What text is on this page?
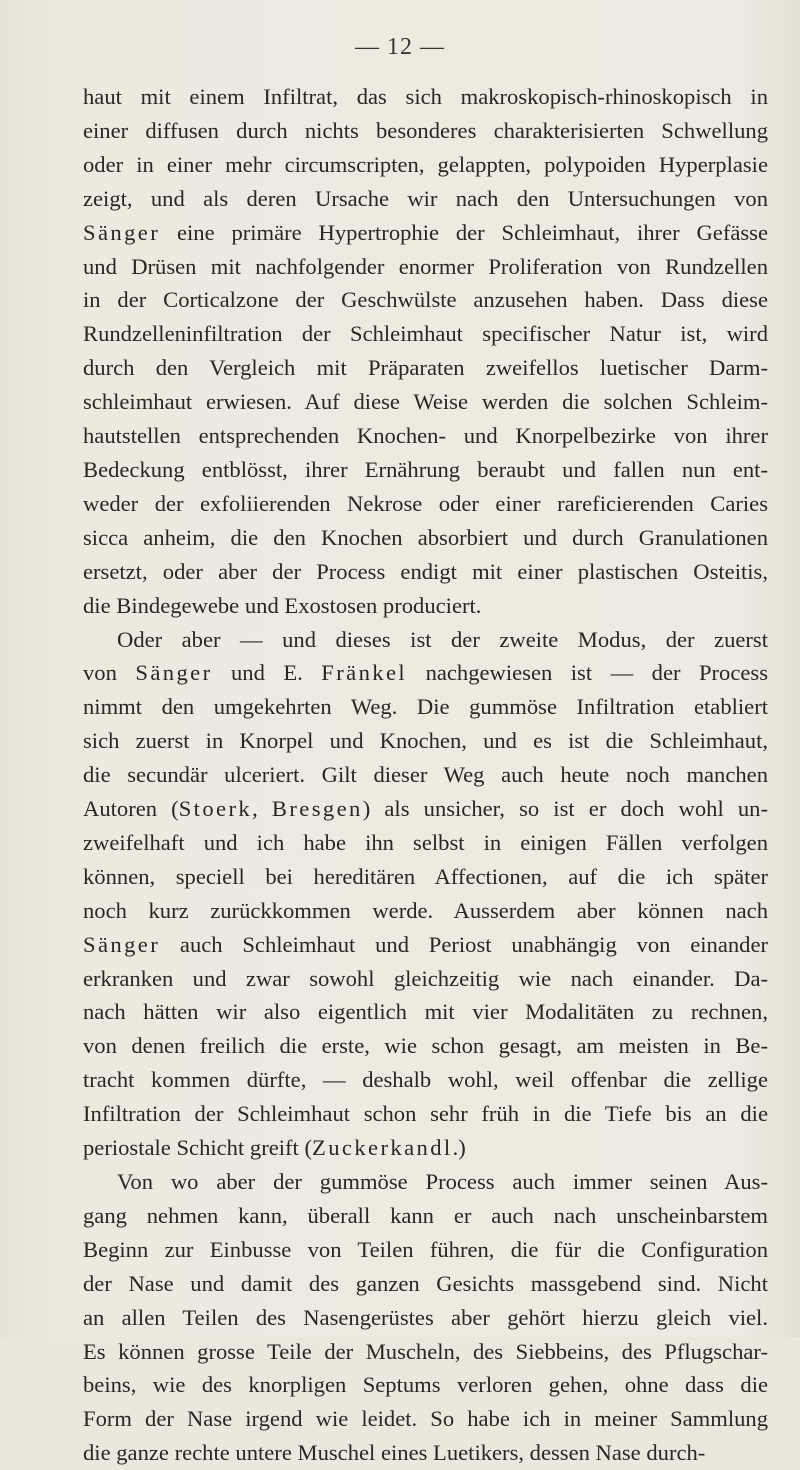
— 12 —

haut mit einem Infiltrat, das sich makroskopisch-rhinoskopisch in
einer diffusen durch nichts besonderes charakterisierten Schwellung
oder in einer mehr circumscripten, gelappten, polypoiden Hyperplasie
zeigt, und als deren Ursache wir nach den Untersuchungen von
Sänger eine primäre Hypertrophie der Schleimhaut, ihrer Gefässe
und Drüsen mit nachfolgender enormer Proliferation von Rundzellen
in der Corticalzone der Geschwülste anzusehen haben. Dass diese
Rundzelleninfiltration der Schleimhaut specifischer Natur ist, wird
durch den Vergleich mit Präparaten zweifellos luetischer Darm-
schleimhaut erwiesen. Auf diese Weise werden die solchen Schleim-
hautstellen entsprechenden Knochen- und Knorpelbezirke von ihrer
Bedeckung entblösst, ihrer Ernährung beraubt und fallen nun ent-
weder der exfoliierenden Nekrose oder einer rareficierenden Caries
sicca anheim, die den Knochen absorbiert und durch Granulationen
ersetzt, oder aber der Process endigt mit einer plastischen Osteitis,
die Bindegewebe und Exostosen produciert.

Oder aber — und dieses ist der zweite Modus, der zuerst
von Sänger und E. Fränkel nachgewiesen ist — der Process
nimmt den umgekehrten Weg. Die gummöse Infiltration etabliert
sich zuerst in Knorpel und Knochen, und es ist die Schleimhaut,
die secundär ulceriert. Gilt dieser Weg auch heute noch manchen
Autoren (Stoerk, Bresgen) als unsicher, so ist er doch wohl un-
zweifelhaft und ich habe ihn selbst in einigen Fällen verfolgen
können, speciell bei hereditären Affectionen, auf die ich später
noch kurz zurückkommen werde. Ausserdem aber können nach
Sänger auch Schleimhaut und Periost unabhängig von einander
erkranken und zwar sowohl gleichzeitig wie nach einander. Da-
nach hätten wir also eigentlich mit vier Modalitäten zu rechnen,
von denen freilich die erste, wie schon gesagt, am meisten in Be-
tracht kommen dürfte, — deshalb wohl, weil offenbar die zellige
Infiltration der Schleimhaut schon sehr früh in die Tiefe bis an die
periostale Schicht greift (Zuckerkandl.)

Von wo aber der gummöse Process auch immer seinen Aus-
gang nehmen kann, überall kann er auch nach unscheinbarstem
Beginn zur Einbusse von Teilen führen, die für die Configuration
der Nase und damit des ganzen Gesichts massgebend sind. Nicht
an allen Teilen des Nasengerüstes aber gehört hierzu gleich viel.
Es können grosse Teile der Muscheln, des Siebbeins, des Pflugschar-
beins, wie des knorpligen Septums verloren gehen, ohne dass die
Form der Nase irgend wie leidet. So habe ich in meiner Sammlung
die ganze rechte untere Muschel eines Luetikers, dessen Nase durch-
